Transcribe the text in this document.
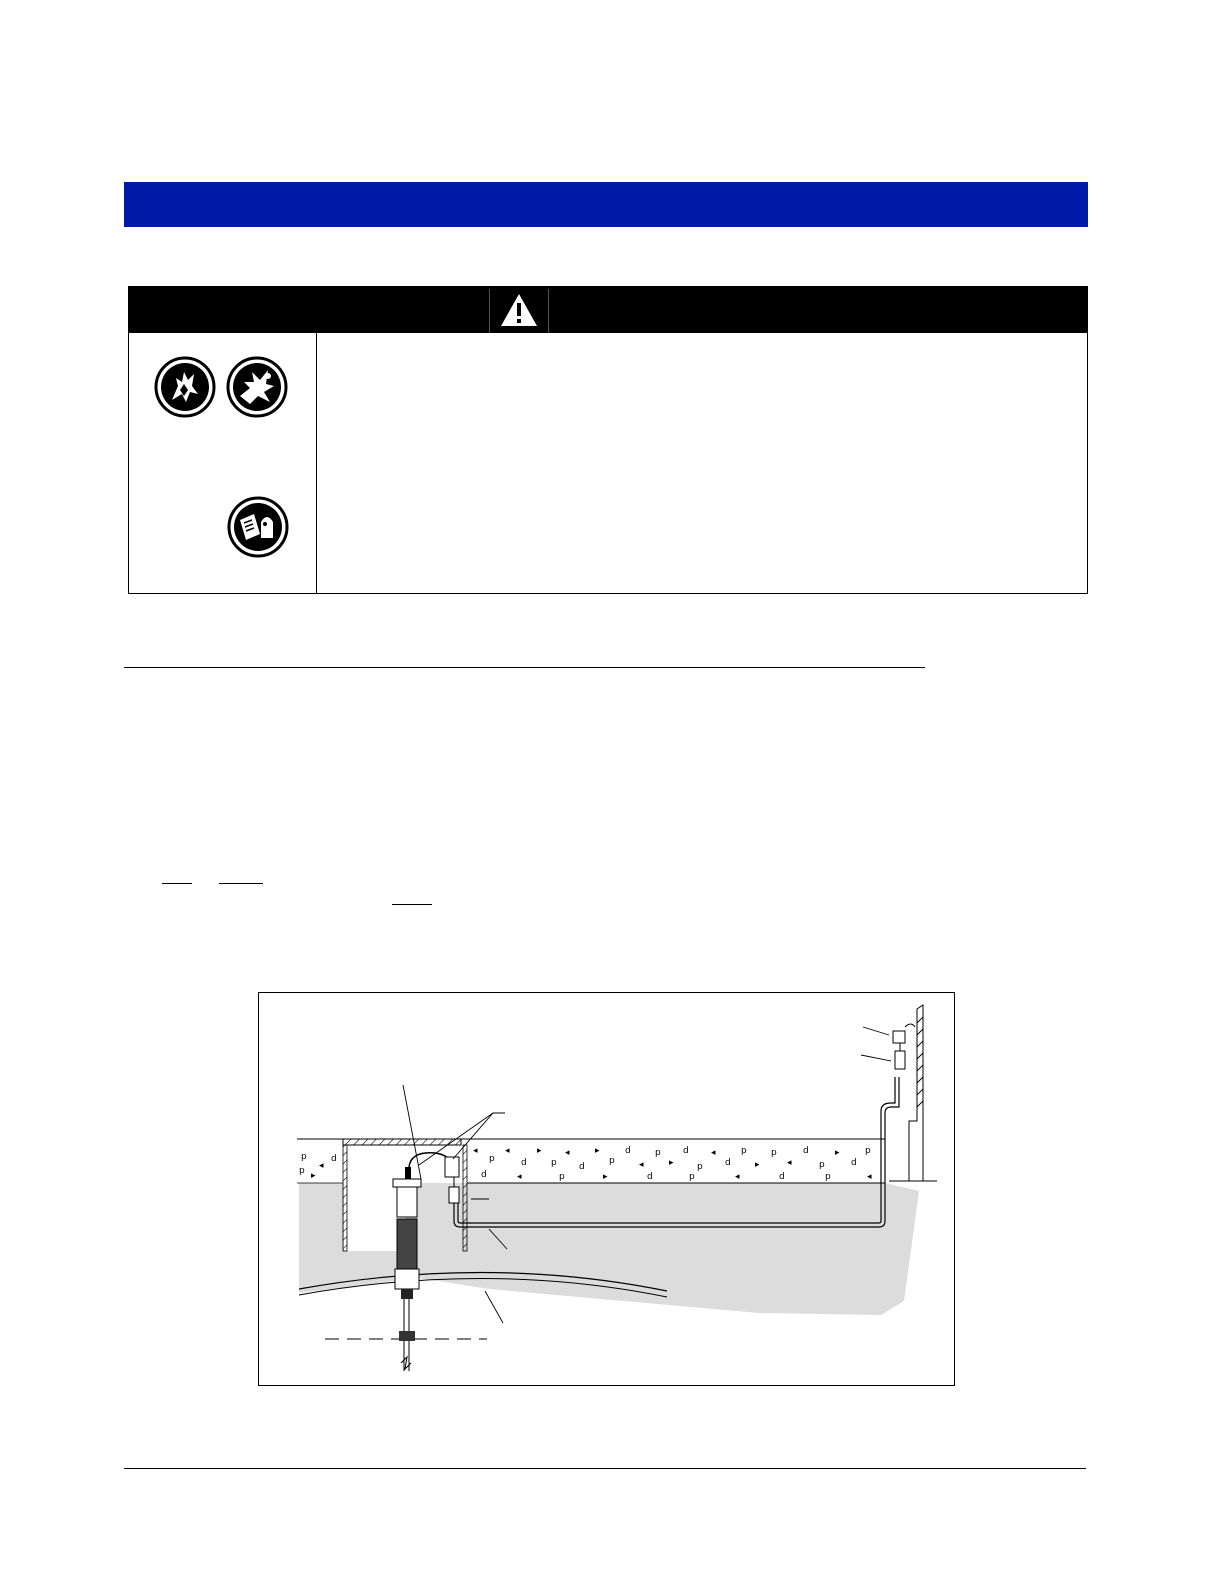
p
◂
p ▸
d
◂
p
◂
d
▸
p
◂
d
▸
p
d
◂
p
▸
d
p
◂
d
p
▸
p
◂
d
p
▸
d
p
d	◂	p	▸	d	p	◂	d	p	◂
